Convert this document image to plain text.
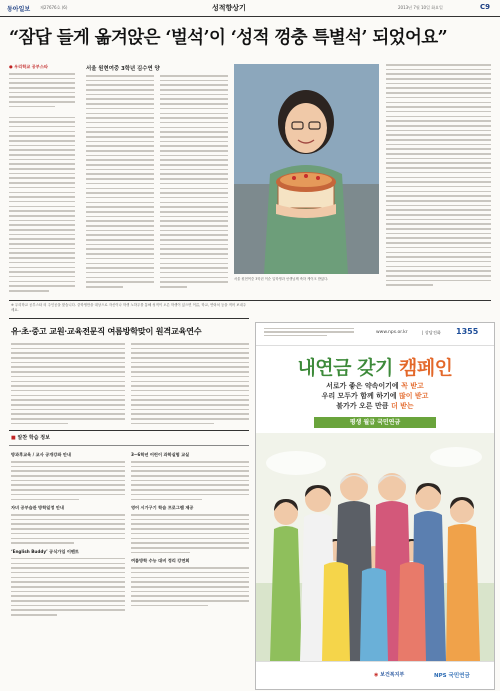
동아일보 제27676호 (6)	성적향상기	2013년 7월 10일 화요일	C9
“잠답 들게 옮겨앉은 ‘벌석’이 ‘성적 껑충 특별석’ 되었어요”
● 우리학교 공부스타	서울 원현여중 3학년 김수연 양
서울 원현여중 3학년 이순 입학생과 선생님께 축하 케이크 받았다.
※ 우리학교 공부스타 의 주인공을 찾습니다. 중학생만을 대상으로 자신이나 학생 노하우를 통해 성적이 오른 학생이 있으면 이름, 학교, 연락처 등을 적어 보내주세요.
유·초·중고 교원·교육전문직 여름방학맞이 원격교육연수
■ 알찬 학습 정보
방과후교육 / 교사 공개강좌 안내
자녀 공부습관 방학일정 안내
‘English Buddy’ 공식가입 이벤트
3~6학년 어린이 과학실험 교실
영어 시가구기 학습 프로그램 제공
여름방학 수능 대비 정리 강연회
www.nps.or.kr	| 상담전화 1355
내연금 갖기 캠페인
서로가 좋은 약속이기에 꼭 받고
우리 모두가 함께 하기에 많이 받고
불가가 오른 만큼 더 받는
평생 월급 국민연금
◉ 보건복지부	NPS 국민연금
